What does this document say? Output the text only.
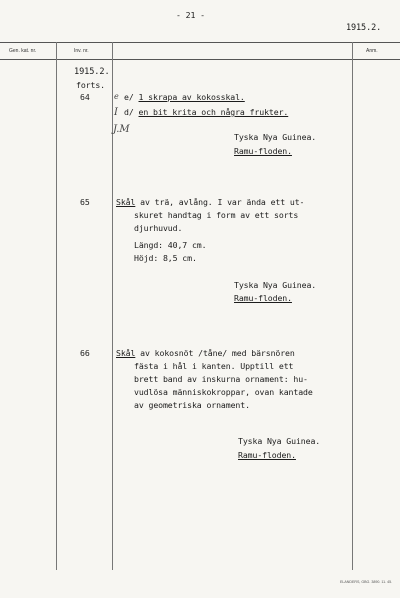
- 21 -
1915.2.
Gen. kat. nr.	Inv. nr.	Anm.
1915.2.
forts.
64	e e/ 1 skrapa av kokosskal.
I d/ en bit krita och några frukter.
J.M
Tyska Nya Guinea.
Ramu-floden.
65	Skål av trä, avlång. I var ända ett ut-
skuret handtag i form av ett sorts
djurhuvud.
Längd: 40,7 cm.
Höjd: 8,5 cm.
Tyska Nya Guinea.
Ramu-floden.
66	Skål av kokosnöt /tåne/ med bärsnören
fästa i hål i kanten. Upptill ett
brett band av inskurna ornament: hu-
vudlösa människokroppar, ovan kantade
av geometriska ornament.
Tyska Nya Guinea.
Ramu-floden.
ELANDERS, GBG. 3890. 11. 45.
